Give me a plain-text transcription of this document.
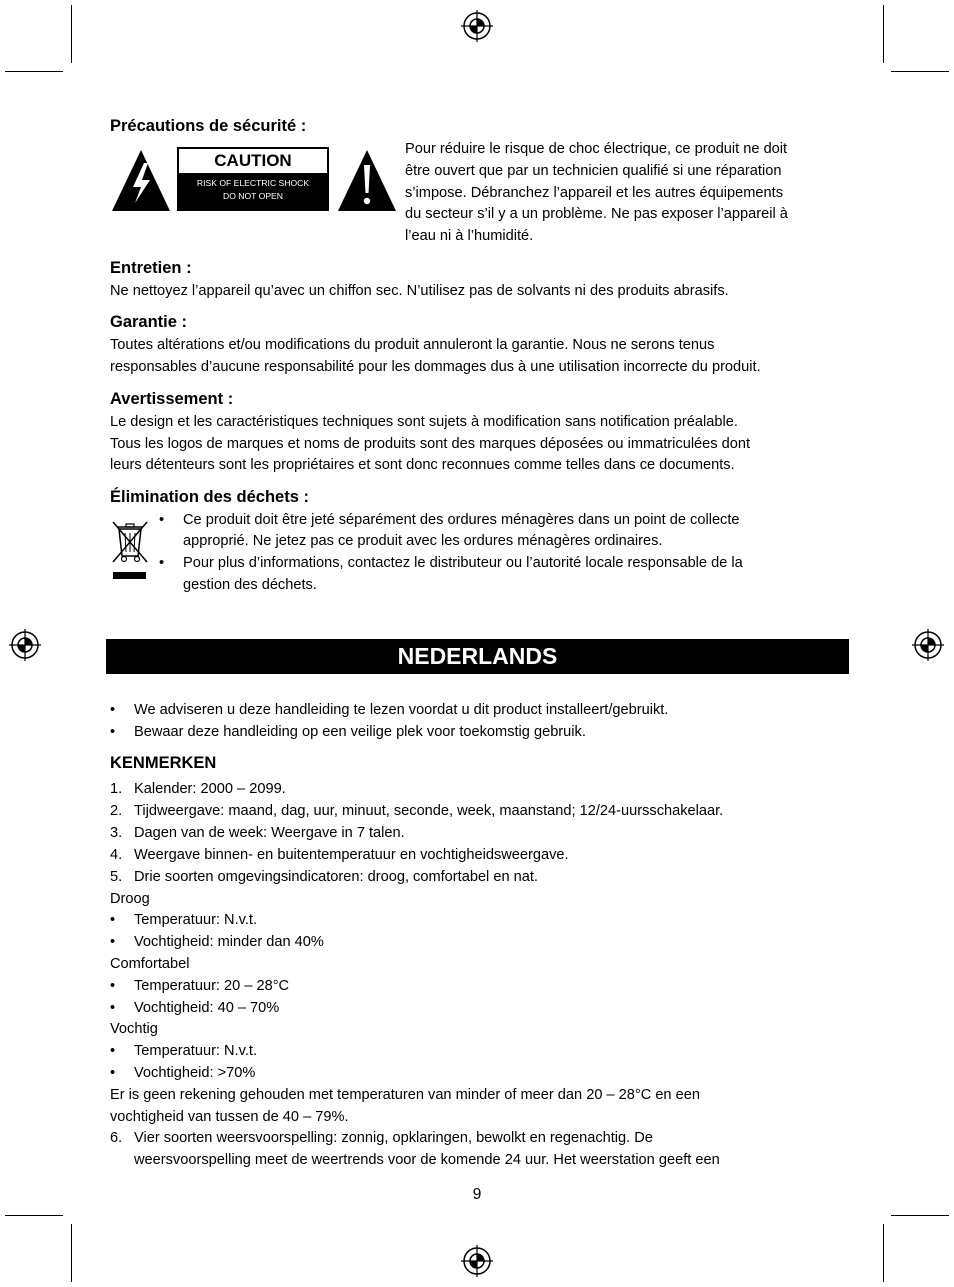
Précautions de sécurité :
CAUTION
RISK OF ELECTRIC SHOCK
DO NOT OPEN
Pour réduire le risque de choc électrique, ce produit ne doit
être ouvert que par un technicien qualifié si une réparation
s’impose. Débranchez l’appareil et les autres équipements
du secteur s’il y a un problème. Ne pas exposer l’appareil à
l’eau ni à l’humidité.
Entretien :
Ne nettoyez l’appareil qu’avec un chiffon sec. N’utilisez pas de solvants ni des produits abrasifs.
Garantie :
Toutes altérations et/ou modifications du produit annuleront la garantie. Nous ne serons tenus
responsables d’aucune responsabilité pour les dommages dus à une utilisation incorrecte du produit.
Avertissement :
Le design et les caractéristiques techniques sont sujets à modification sans notification préalable.
Tous les logos de marques et noms de produits sont des marques déposées ou immatriculées dont
leurs détenteurs sont les propriétaires et sont donc reconnues comme telles dans ce documents.
Élimination des déchets :
• Ce produit doit être jeté séparément des ordures ménagères dans un point de collecte
approprié. Ne jetez pas ce produit avec les ordures ménagères ordinaires.
• Pour plus d’informations, contactez le distributeur ou l’autorité locale responsable de la
gestion des déchets.
NEDERLANDS
• We adviseren u deze handleiding te lezen voordat u dit product installeert/gebruikt.
• Bewaar deze handleiding op een veilige plek voor toekomstig gebruik.
KENMERKEN
1. Kalender: 2000 – 2099.
2. Tijdweergave: maand, dag, uur, minuut, seconde, week, maanstand; 12/24-uursschakelaar.
3. Dagen van de week: Weergave in 7 talen.
4. Weergave binnen- en buitentemperatuur en vochtigheidsweergave.
5. Drie soorten omgevingsindicatoren: droog, comfortabel en nat.
Droog
• Temperatuur: N.v.t.
• Vochtigheid: minder dan 40%
Comfortabel
• Temperatuur: 20 – 28°C
• Vochtigheid: 40 – 70%
Vochtig
• Temperatuur: N.v.t.
• Vochtigheid: >70%
Er is geen rekening gehouden met temperaturen van minder of meer dan 20 – 28°C en een
vochtigheid van tussen de 40 – 79%.
6. Vier soorten weersvoorspelling: zonnig, opklaringen, bewolkt en regenachtig. De
weersvoorspelling meet de weertrends voor de komende 24 uur. Het weerstation geeft een
9
